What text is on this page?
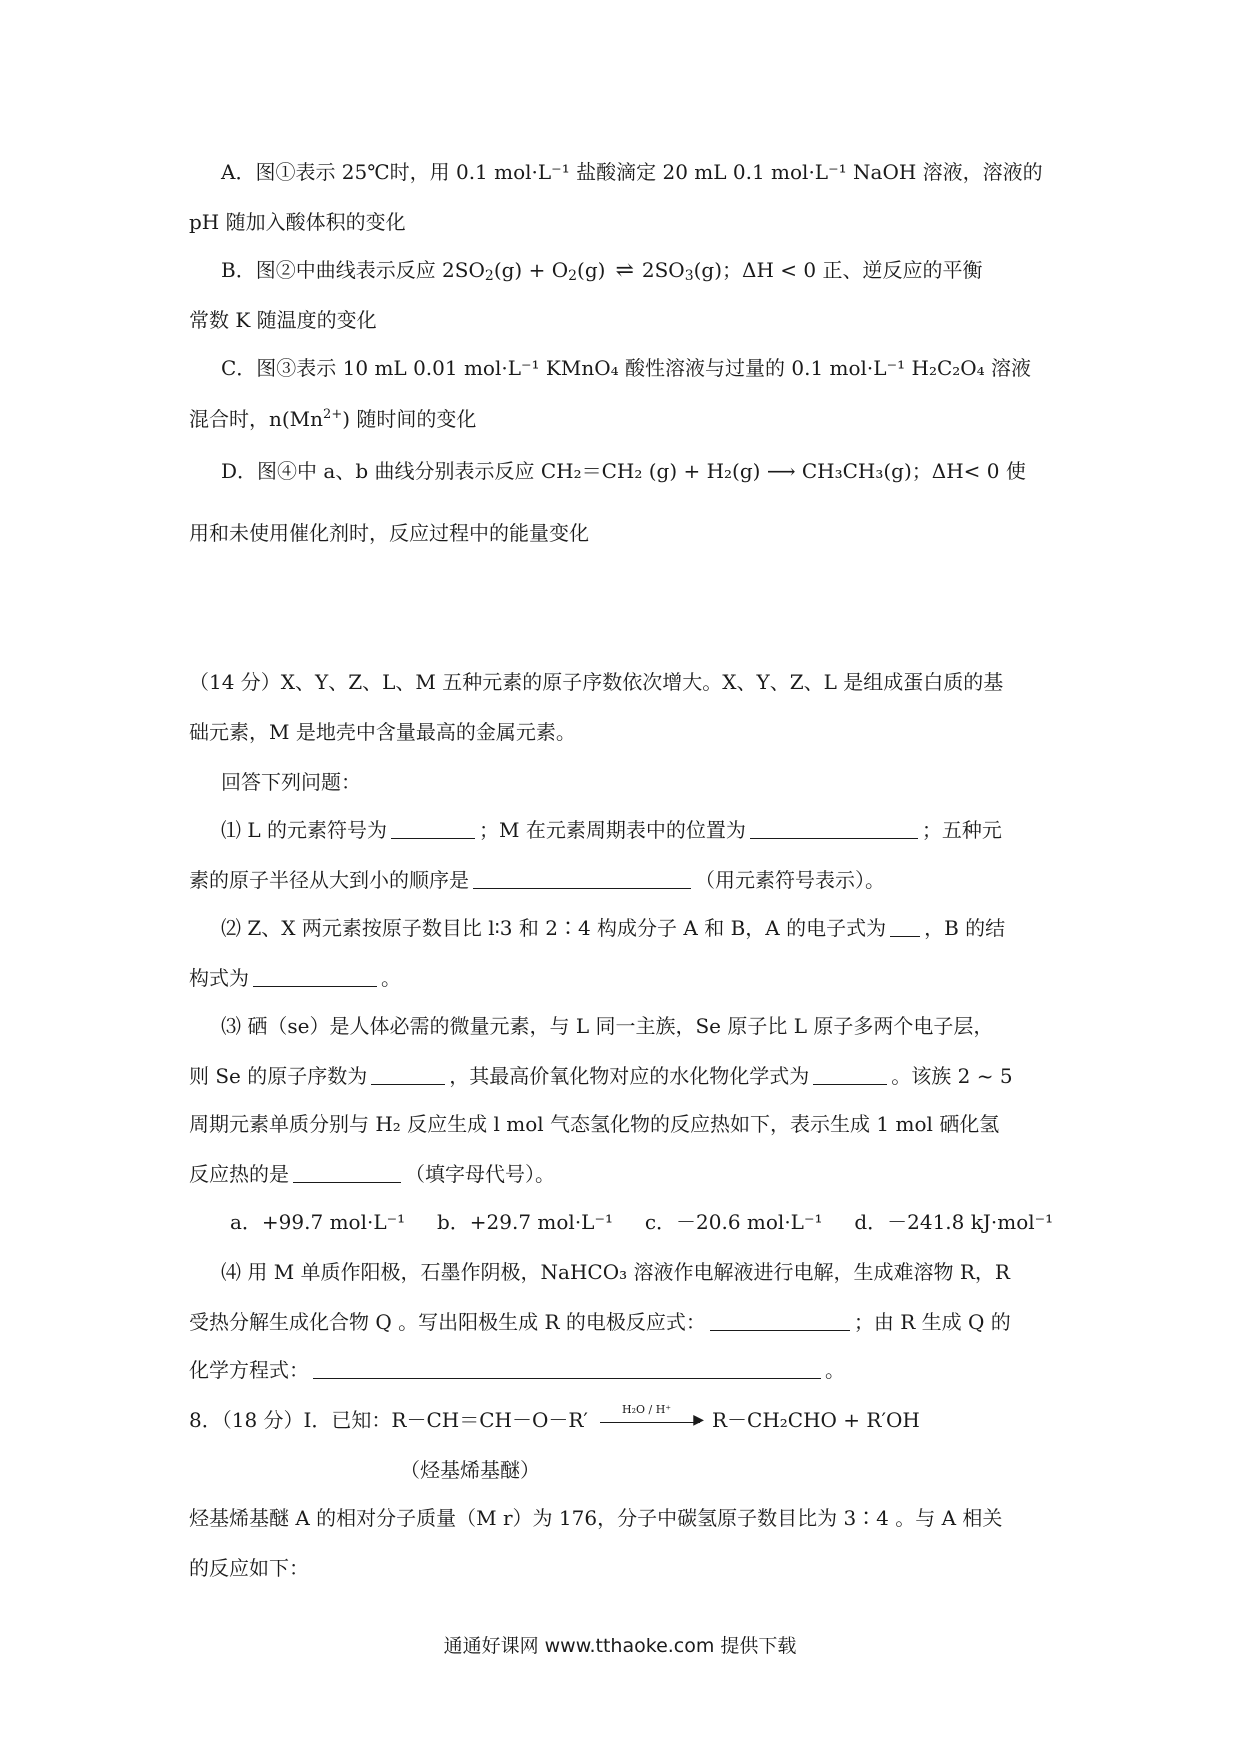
A．图①表示 25℃时，用 0.1 mol·L⁻¹ 盐酸滴定 20 mL 0.1 mol·L⁻¹ NaOH 溶液，溶液的
pH 随加入酸体积的变化
B．图②中曲线表示反应 2SO2(g) + O2(g) ⇌ 2SO3(g)；ΔH < 0 正、逆反应的平衡
常数 K 随温度的变化
C．图③表示 10 mL 0.01 mol·L⁻¹ KMnO₄ 酸性溶液与过量的 0.1 mol·L⁻¹ H₂C₂O₄ 溶液
混合时，$n(Mn^{2+})$ 随时间的变化
D．图④中 a、b 曲线分别表示反应 CH₂＝CH₂ (g) + H₂(g) ⟶ CH₃CH₃(g)；ΔH< 0 使
用和未使用催化剂时，反应过程中的能量变化
（14 分）X、Y、Z、L、M 五种元素的原子序数依次增大。X、Y、Z、L 是组成蛋白质的基
础元素，M 是地壳中含量最高的金属元素。
回答下列问题：
⑴ L 的元素符号为	；M 在元素周期表中的位置为	；五种元
素的原子半径从大到小的顺序是	（用元素符号表示）。
⑵ Z、X 两元素按原子数目比 l∶3 和 2∶4 构成分子 A 和 B，A 的电子式为 ，B 的结
构式为	。
⑶ 硒（se）是人体必需的微量元素，与 L 同一主族，Se 原子比 L 原子多两个电子层，
则 Se 的原子序数为	，其最高价氧化物对应的水化物化学式为	。该族 2 ~ 5
周期元素单质分别与 H₂ 反应生成 l mol 气态氢化物的反应热如下，表示生成 1 mol 硒化氢
反应热的是	（填字母代号）。
a．+99.7 mol·L⁻¹     b．+29.7 mol·L⁻¹     c．－20.6 mol·L⁻¹     d．－241.8 kJ·mol⁻¹
⑷ 用 M 单质作阳极，石墨作阴极，NaHCO₃ 溶液作电解液进行电解，生成难溶物 R，R
受热分解生成化合物 Q 。写出阳极生成 R 的电极反应式：	；由 R 生成 Q 的
化学方程式：	。
8．（18 分）Ⅰ．已知：R－CH＝CH－O－R′	H₂O / H⁺
▶ R－CH₂CHO + R′OH
（烃基烯基醚）
烃基烯基醚 A 的相对分子质量（M r）为 176，分子中碳氢原子数目比为 3∶4 。与 A 相关
的反应如下：
通通好课网 www.tthaoke.com 提供下载
